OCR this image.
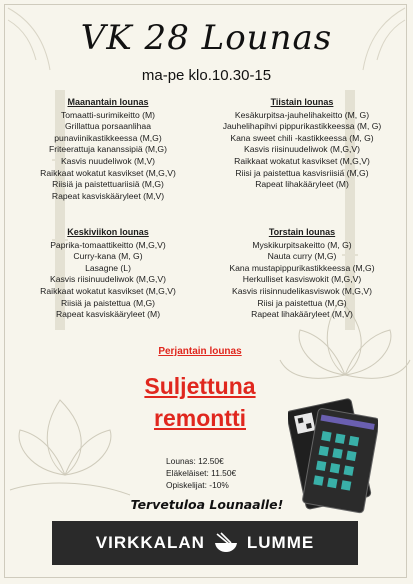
VK 28 Lounas
ma-pe klo.10.30-15
Maanantain lounas
Tomaatti-surimikeitto (M)
Grillattua porsaanlihaa
punaviinikastikkeessa (M,G)
Friteerattuja kananssipiä (M,G)
Kasvis nuudeliwok (M,V)
Raikkaat wokatut kasvikset (M,G,V)
Riisiä ja paistettuariisiä (M,G)
Rapeat kasviskääryleet (M,V)
Tiistain lounas
Kesäkurpitsa-jauhelihakeitto (M, G)
Jauhelihapihvi pippurikastikkeessa (M, G)
Kana sweet chili -kastikkeessa (M, G)
Kasvis riisinuudeliwok (M,G,V)
Raikkaat wokatut kasvikset (M,G,V)
Riisi ja paistettua kasvisriisiä (M,G)
Rapeat lihakääryleet (M)
Keskiviikon lounas
Paprika-tomaattikeitto (M,G,V)
Curry-kana (M, G)
Lasagne (L)
Kasvis riisinuudeliwok (M,G,V)
Raikkaat wokatut kasvikset (M,G,V)
Riisiä ja paistettua (M,G)
Rapeat kasviskääryleet (M)
Torstain lounas
Myskikurpitsakeitto (M, G)
Nauta curry (M,G)
Kana mustapippurikastikkeessa (M,G)
Herkulliset kasviswokit (M,G,V)
Kasvis riisinnudelikasviswok (M,G,V)
Riisi ja paistettua (M,G)
Rapeat lihakääryleet (M,V)
Perjantain lounas
Suljettuna
remontti
Lounas: 12.50€
Eläkeläiset: 11.50€
Opiskelijat: -10%
Tervetuloa Lounaalle!
VIRKKALAN LUMME
